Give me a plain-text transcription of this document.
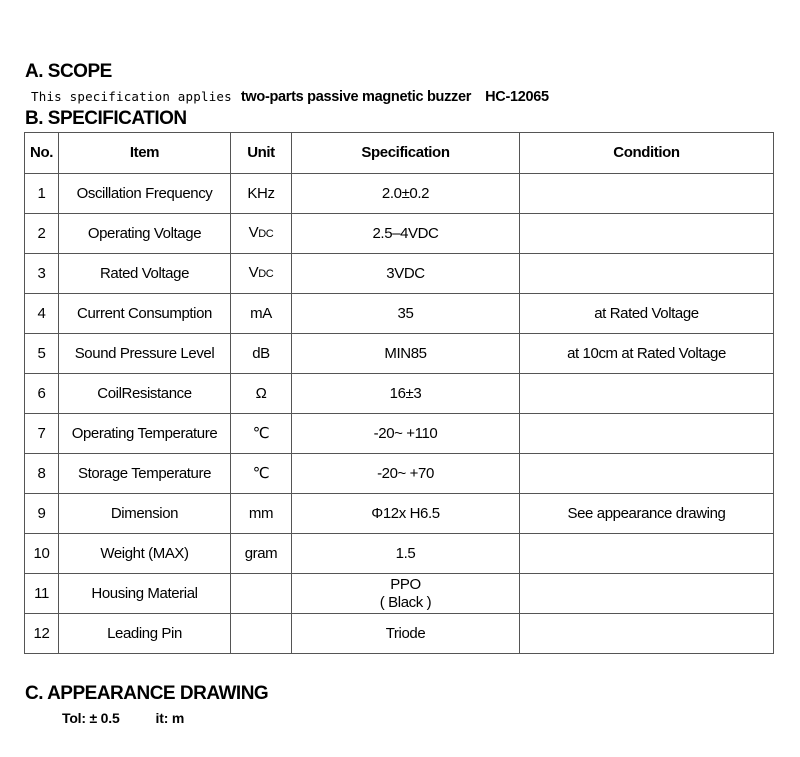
A. SCOPE
This specification applies two-parts passive magnetic buzzer HC-12065
B. SPECIFICATION
No.	Item	Unit	Specification	Condition
1	Oscillation Frequency	KHz	2.0±0.2	
2	Operating Voltage	VDC	2.5–4VDC	
3	Rated Voltage	VDC	3VDC	
4	Current Consumption	mA	35	at Rated Voltage
5	Sound Pressure Level	dB	MIN85	at 10cm at Rated Voltage
6	CoilResistance	Ω	16±3	
7	Operating Temperature	℃	-20~ +110	
8	Storage Temperature	℃	-20~ +70	
9	Dimension	mm	Φ12x H6.5	See appearance drawing
10	Weight (MAX)	gram	1.5	
11	Housing Material		PPO
( Black )	

12	Leading Pin		Triode	
C. APPEARANCE DRAWING
Tol: ± 0.5	it: m
